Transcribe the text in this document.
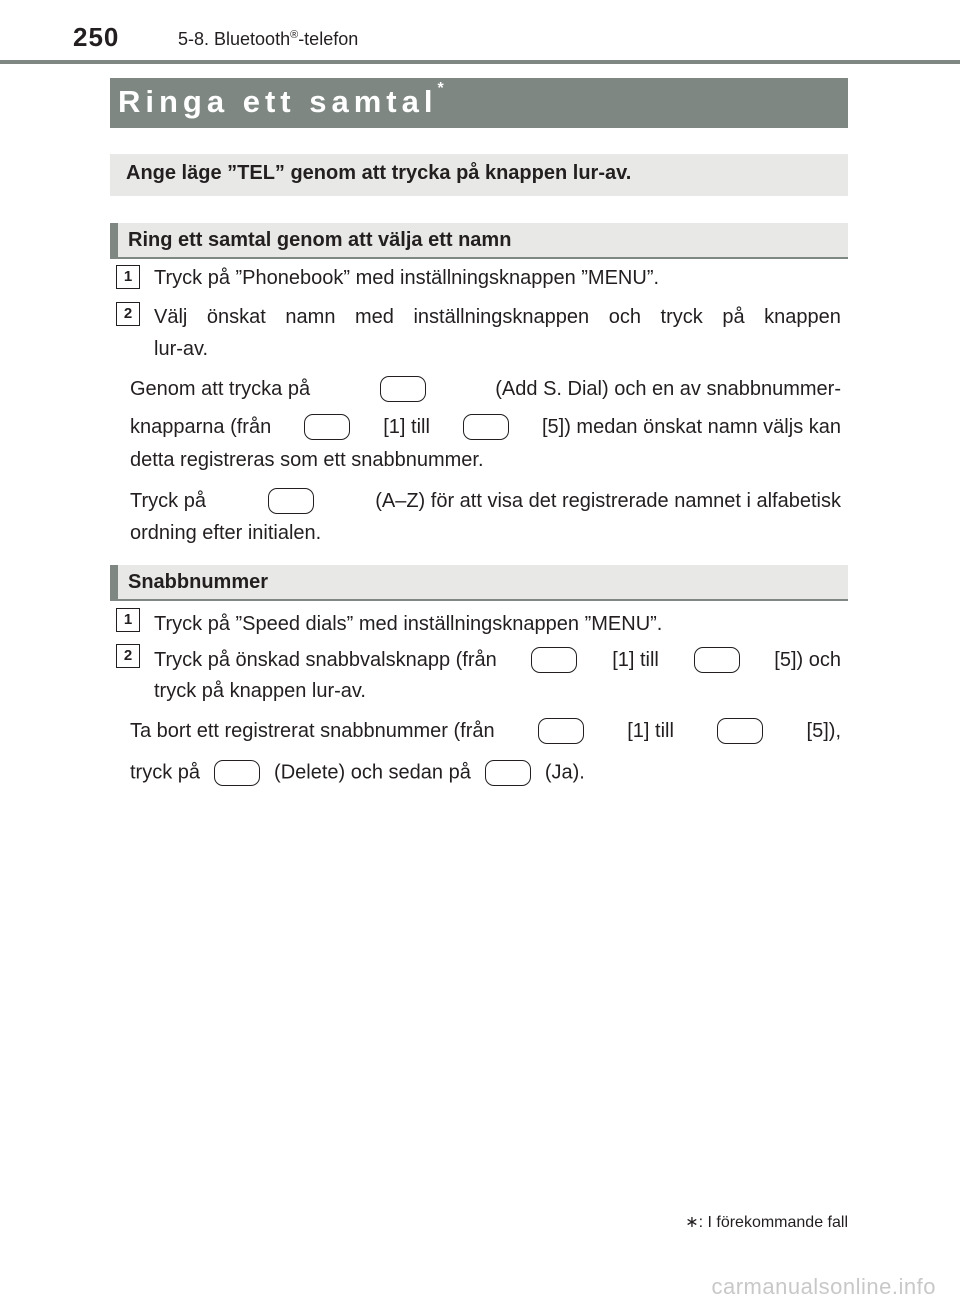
250	5-8. Bluetooth®-telefon
Ringa ett samtal*
Ange läge ”TEL” genom att trycka på knappen lur-av.
Ring ett samtal genom att välja ett namn
1	Tryck på ”Phonebook” med inställningsknappen ”MENU”.
2	Välj önskat namn med inställningsknappen och tryck på knappen
lur-av.
Genom att trycka på	(Add S. Dial) och en av snabbnummer-
knapparna (från	[1] till	[5]) medan önskat namn väljs kan
detta registreras som ett snabbnummer.
Tryck på	(A–Z) för att visa det registrerade namnet i alfabetisk
ordning efter initialen.
Snabbnummer
1	Tryck på ”Speed dials” med inställningsknappen ”MENU”.
2	Tryck på önskad snabbvalsknapp (från	[1] till	[5]) och
tryck på knappen lur-av.
Ta bort ett registrerat snabbnummer (från	[1] till	[5]),
tryck på	(Delete) och sedan på	(Ja).
∗: I förekommande fall
carmanualsonline.info
